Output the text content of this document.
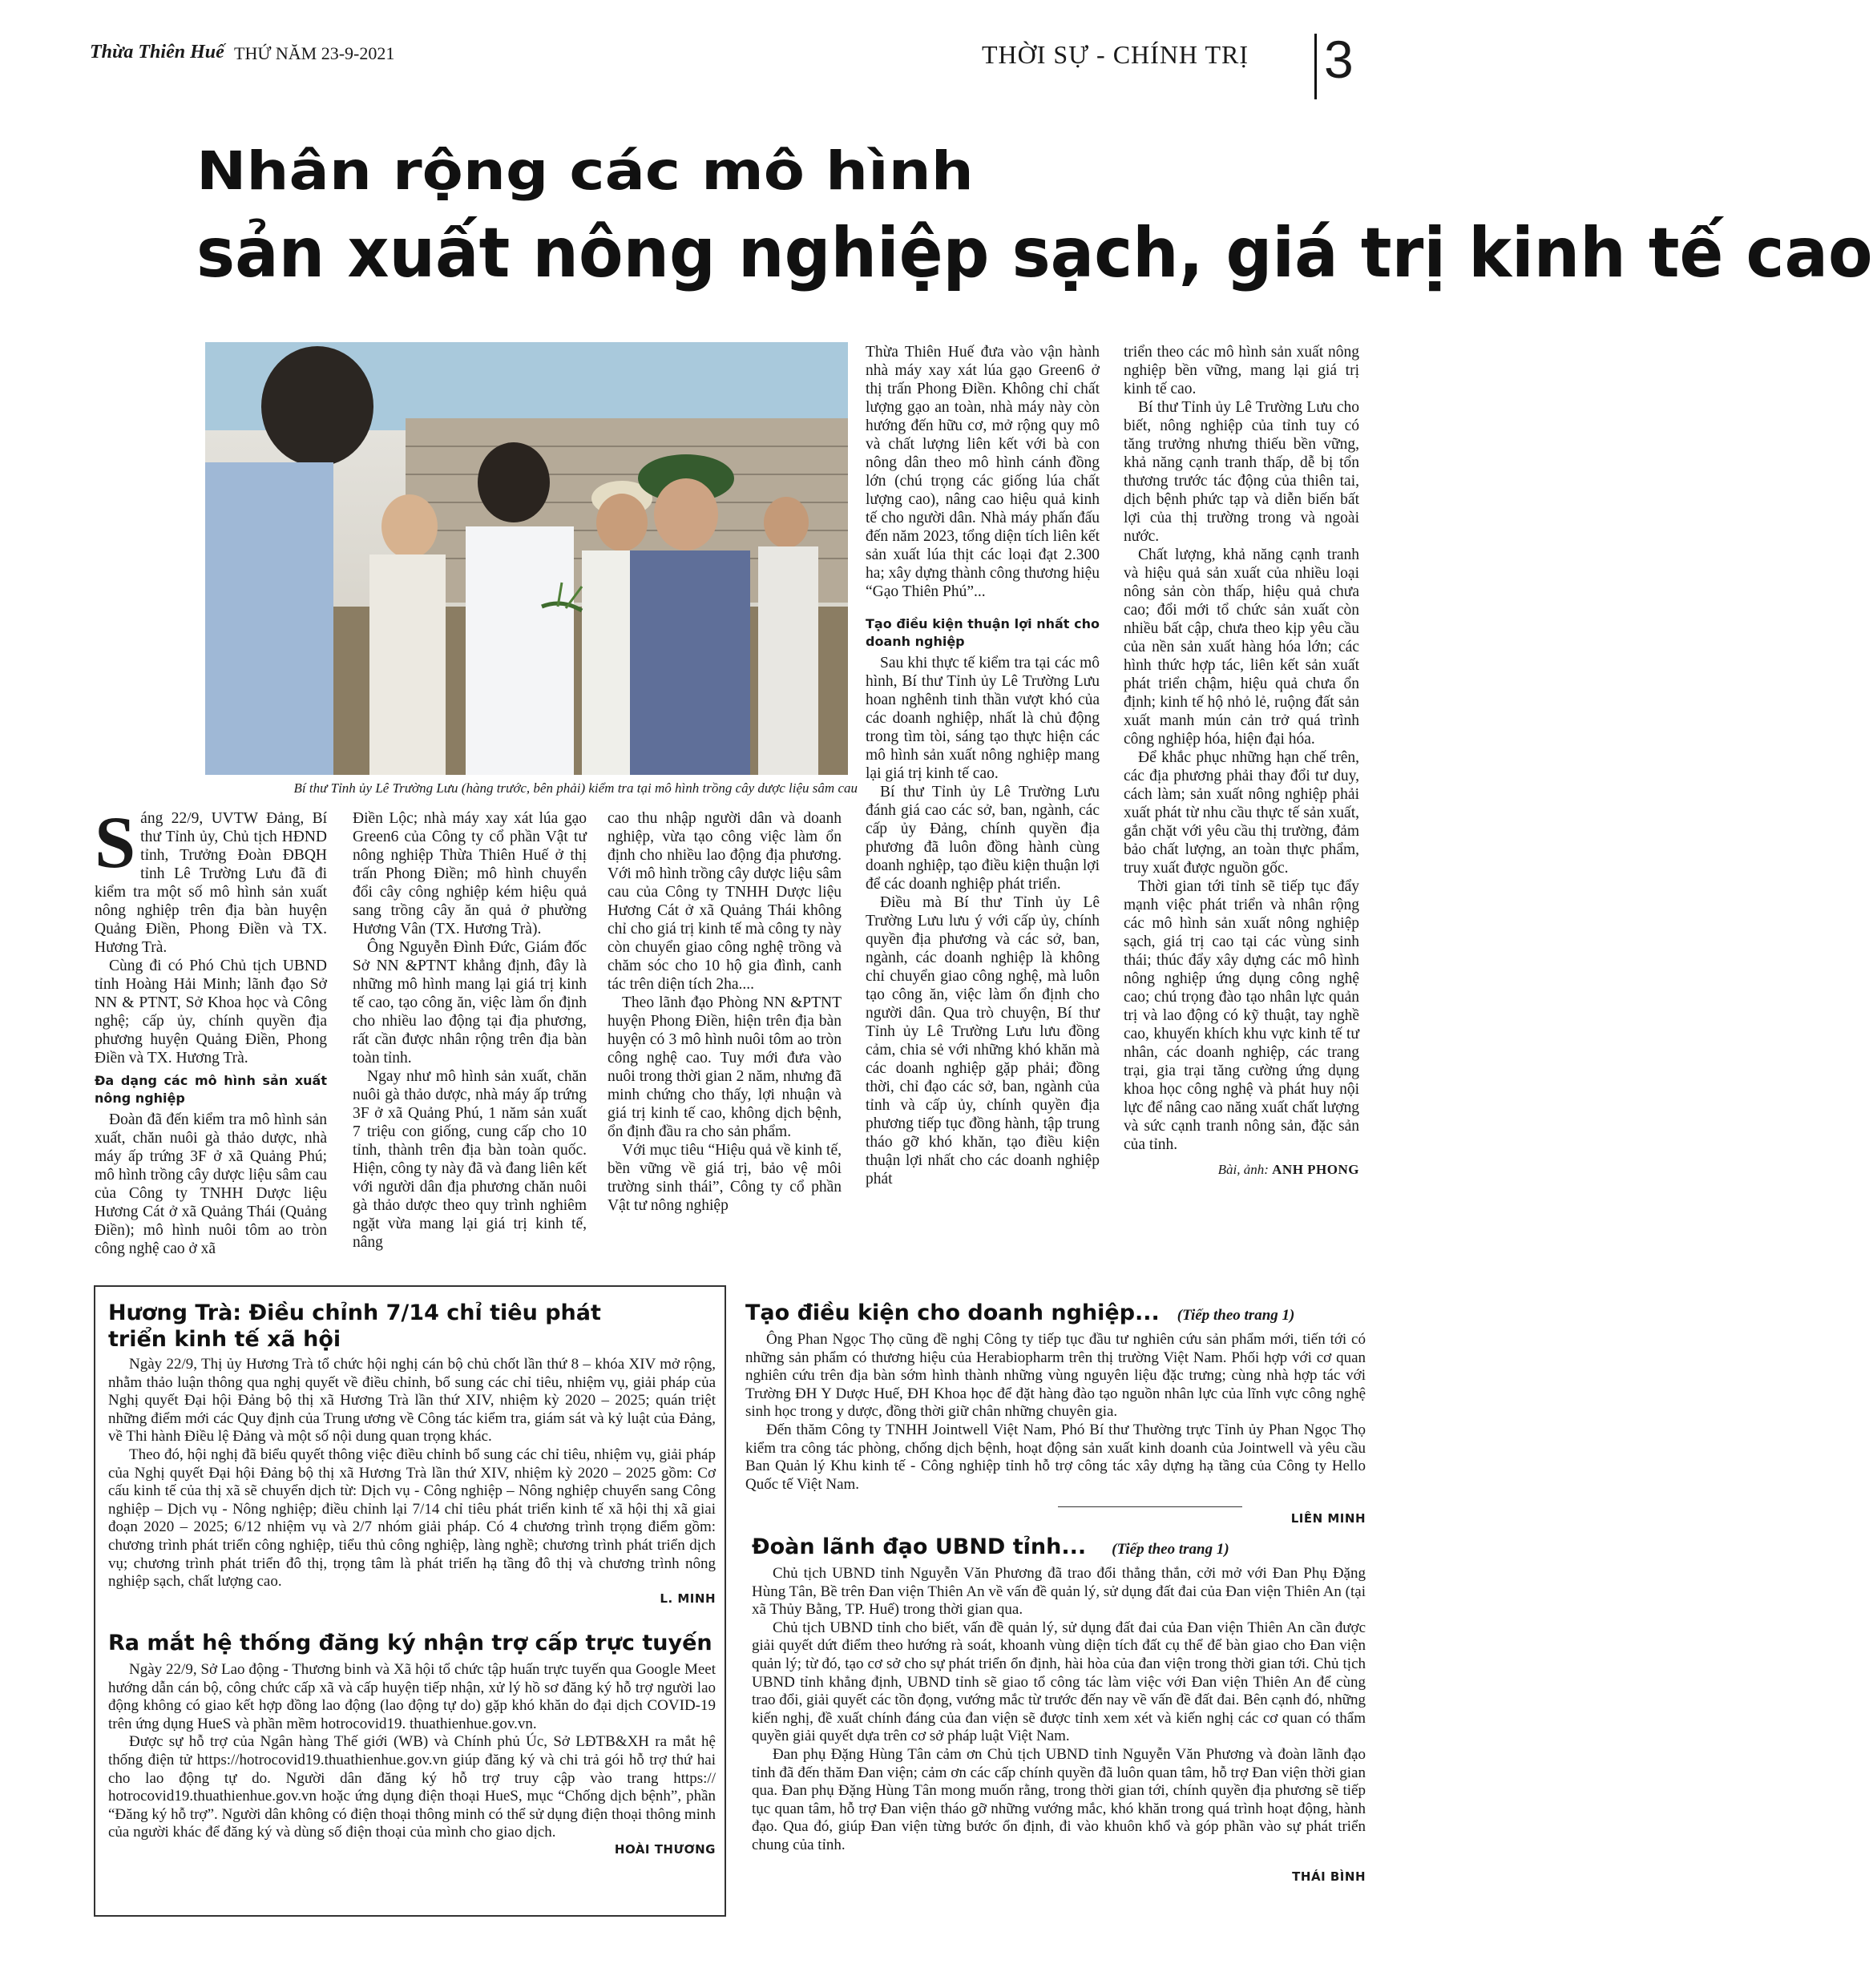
Thừa Thiên Huế THỨ NĂM 23-9-2021	THỜI SỰ - CHÍNH TRỊ 3
Nhân rộng các mô hình
sản xuất nông nghiệp sạch, giá trị kinh tế cao
Bí thư Tỉnh ủy Lê Trường Lưu (hàng trước, bên phải) kiểm tra tại mô hình trồng cây dược liệu sâm cau
S áng 22/9, UVTW Đảng, Bí thư Tỉnh ủy, Chủ tịch HĐND tỉnh, Trưởng Đoàn ĐBQH tỉnh Lê Trường Lưu đã đi kiểm tra một số mô hình sản xuất nông nghiệp trên địa bàn huyện Quảng Điền, Phong Điền và TX. Hương Trà.

Cùng đi có Phó Chủ tịch UBND tỉnh Hoàng Hải Minh; lãnh đạo Sở NN & PTNT, Sở Khoa học và Công nghệ; cấp ủy, chính quyền địa phương huyện Quảng Điền, Phong Điền và TX. Hương Trà.

Đa dạng các mô hình sản xuất nông nghiệp

Đoàn đã đến kiểm tra mô hình sản xuất, chăn nuôi gà thảo dược, nhà máy ấp trứng 3F ở xã Quảng Phú; mô hình trồng cây dược liệu sâm cau của Công ty TNHH Dược liệu Hương Cát ở xã Quảng Thái (Quảng Điền); mô hình nuôi tôm ao tròn công nghệ cao ở xã

Điền Lộc; nhà máy xay xát lúa gạo Green6 của Công ty cổ phần Vật tư nông nghiệp Thừa Thiên Huế ở thị trấn Phong Điền; mô hình chuyển đổi cây công nghiệp kém hiệu quả sang trồng cây ăn quả ở phường Hương Vân (TX. Hương Trà).

Ông Nguyễn Đình Đức, Giám đốc Sở NN &PTNT khẳng định, đây là những mô hình mang lại giá trị kinh tế cao, tạo công ăn, việc làm ổn định cho nhiều lao động tại địa phương, rất cần được nhân rộng trên địa bàn toàn tỉnh.

Ngay như mô hình sản xuất, chăn nuôi gà thảo dược, nhà máy ấp trứng 3F ở xã Quảng Phú, 1 năm sản xuất 7 triệu con giống, cung cấp cho 10 tỉnh, thành trên địa bàn toàn quốc. Hiện, công ty này đã và đang liên kết với người dân địa phương chăn nuôi gà thảo dược theo quy trình nghiêm ngặt vừa mang lại giá trị kinh tế, nâng

cao thu nhập người dân và doanh nghiệp, vừa tạo công việc làm ổn định cho nhiều lao động địa phương. Với mô hình trồng cây dược liệu sâm cau của Công ty TNHH Dược liệu Hương Cát ở xã Quảng Thái không chỉ cho giá trị kinh tế mà công ty này còn chuyển giao công nghệ trồng và chăm sóc cho 10 hộ gia đình, canh tác trên diện tích 2ha....

Theo lãnh đạo Phòng NN &PTNT huyện Phong Điền, hiện trên địa bàn huyện có 3 mô hình nuôi tôm ao tròn công nghệ cao. Tuy mới đưa vào nuôi trong thời gian 2 năm, nhưng đã minh chứng cho thấy, lợi nhuận và giá trị kinh tế cao, không dịch bệnh, ổn định đầu ra cho sản phẩm.

Với mục tiêu “Hiệu quả về kinh tế, bền vững về giá trị, bảo vệ môi trường sinh thái”, Công ty cổ phần Vật tư nông nghiệp

Thừa Thiên Huế đưa vào vận hành nhà máy xay xát lúa gạo Green6 ở thị trấn Phong Điền. Không chỉ chất lượng gạo an toàn, nhà máy này còn hướng đến hữu cơ, mở rộng quy mô và chất lượng liên kết với bà con nông dân theo mô hình cánh đồng lớn (chú trọng các giống lúa chất lượng cao), nâng cao hiệu quả kinh tế cho người dân. Nhà máy phấn đấu đến năm 2023, tổng diện tích liên kết sản xuất lúa thịt các loại đạt 2.300 ha; xây dựng thành công thương hiệu “Gạo Thiên Phú”...

Tạo điều kiện thuận lợi nhất cho doanh nghiệp

Sau khi thực tế kiểm tra tại các mô hình, Bí thư Tỉnh ủy Lê Trường Lưu hoan nghênh tinh thần vượt khó của các doanh nghiệp, nhất là chủ động trong tìm tòi, sáng tạo thực hiện các mô hình sản xuất nông nghiệp mang lại giá trị kinh tế cao.

Bí thư Tỉnh ủy Lê Trường Lưu đánh giá cao các sở, ban, ngành, các cấp ủy Đảng, chính quyền địa phương đã luôn đồng hành cùng doanh nghiệp, tạo điều kiện thuận lợi để các doanh nghiệp phát triển.

Điều mà Bí thư Tỉnh ủy Lê Trường Lưu lưu ý với cấp ủy, chính quyền địa phương và các sở, ban, ngành, các doanh nghiệp là không chỉ chuyển giao công nghệ, mà luôn tạo công ăn, việc làm ổn định cho người dân. Qua trò chuyện, Bí thư Tỉnh ủy Lê Trường Lưu lưu đồng cảm, chia sẻ với những khó khăn mà các doanh nghiệp gặp phải; đồng thời, chỉ đạo các sở, ban, ngành của tỉnh và cấp ủy, chính quyền địa phương tiếp tục đồng hành, tập trung tháo gỡ khó khăn, tạo điều kiện thuận lợi nhất cho các doanh nghiệp phát

triển theo các mô hình sản xuất nông nghiệp bền vững, mang lại giá trị kinh tế cao.

Bí thư Tỉnh ủy Lê Trường Lưu cho biết, nông nghiệp của tỉnh tuy có tăng trưởng nhưng thiếu bền vững, khả năng cạnh tranh thấp, dễ bị tổn thương trước tác động của thiên tai, dịch bệnh phức tạp và diễn biến bất lợi của thị trường trong và ngoài nước.

Chất lượng, khả năng cạnh tranh và hiệu quả sản xuất của nhiều loại nông sản còn thấp, hiệu quả chưa cao; đổi mới tổ chức sản xuất còn nhiều bất cập, chưa theo kịp yêu cầu của nền sản xuất hàng hóa lớn; các hình thức hợp tác, liên kết sản xuất phát triển chậm, hiệu quả chưa ổn định; kinh tế hộ nhỏ lẻ, ruộng đất sản xuất manh mún cản trở quá trình công nghiệp hóa, hiện đại hóa.

Để khắc phục những hạn chế trên, các địa phương phải thay đổi tư duy, cách làm; sản xuất nông nghiệp phải xuất phát từ nhu cầu thực tế sản xuất, gắn chặt với yêu cầu thị trường, đảm bảo chất lượng, an toàn thực phẩm, truy xuất được nguồn gốc.

Thời gian tới tỉnh sẽ tiếp tục đẩy mạnh việc phát triển và nhân rộng các mô hình sản xuất nông nghiệp sạch, giá trị cao tại các vùng sinh thái; thúc đẩy xây dựng các mô hình nông nghiệp ứng dụng công nghệ cao; chú trọng đào tạo nhân lực quản trị và lao động có kỹ thuật, tay nghề cao, khuyến khích khu vực kinh tế tư nhân, các doanh nghiệp, các trang trại, gia trại tăng cường ứng dụng khoa học công nghệ và phát huy nội lực để nâng cao năng xuất chất lượng và sức cạnh tranh nông sản, đặc sản của tỉnh.

Bài, ảnh: ANH PHONG
Hương Trà: Điều chỉnh 7/14 chỉ tiêu phát triển kinh tế xã hội

Ngày 22/9, Thị ủy Hương Trà tổ chức hội nghị cán bộ chủ chốt lần thứ 8 – khóa XIV mở rộng, nhằm thảo luận thông qua nghị quyết về điều chỉnh, bổ sung các chỉ tiêu, nhiệm vụ, giải pháp của Nghị quyết Đại hội Đảng bộ thị xã Hương Trà lần thứ XIV, nhiệm kỳ 2020 – 2025; quán triệt những điểm mới các Quy định của Trung ương về Công tác kiểm tra, giám sát và kỷ luật của Đảng, về Thi hành Điều lệ Đảng và một số nội dung quan trọng khác.

Theo đó, hội nghị đã biểu quyết thông việc điều chỉnh bổ sung các chỉ tiêu, nhiệm vụ, giải pháp của Nghị quyết Đại hội Đảng bộ thị xã Hương Trà lần thứ XIV, nhiệm kỳ 2020 – 2025 gồm: Cơ cấu kinh tế của thị xã sẽ chuyển dịch từ: Dịch vụ - Công nghiệp – Nông nghiệp chuyển sang Công nghiệp – Dịch vụ - Nông nghiệp; điều chỉnh lại 7/14 chỉ tiêu phát triển kinh tế xã hội thị xã giai đoạn 2020 – 2025; 6/12 nhiệm vụ và 2/7 nhóm giải pháp. Có 4 chương trình trọng điểm gồm: chương trình phát triển công nghiệp, tiểu thủ công nghiệp, làng nghề; chương trình phát triển dịch vụ; chương trình phát triển đô thị, trọng tâm là phát triển hạ tầng đô thị và chương trình nông nghiệp sạch, chất lượng cao.

L. MINH
Ra mắt hệ thống đăng ký nhận trợ cấp trực tuyến

Ngày 22/9, Sở Lao động - Thương binh và Xã hội tổ chức tập huấn trực tuyến qua Google Meet hướng dẫn cán bộ, công chức cấp xã và cấp huyện tiếp nhận, xử lý hồ sơ đăng ký hỗ trợ người lao động không có giao kết hợp đồng lao động (lao động tự do) gặp khó khăn do đại dịch COVID-19 trên ứng dụng HueS và phần mềm hotrocovid19. thuathienhue.gov.vn.

Được sự hỗ trợ của Ngân hàng Thế giới (WB) và Chính phủ Úc, Sở LĐTB&XH ra mắt hệ thống điện tử https://hotrocovid19.thuathienhue.gov.vn giúp đăng ký và chi trả gói hỗ trợ thứ hai cho lao động tự do. Người dân đăng ký hỗ trợ truy cập vào trang https:// hotrocovid19.thuathienhue.gov.vn hoặc ứng dụng điện thoại HueS, mục “Chống dịch bệnh”, phần “Đăng ký hỗ trợ”. Người dân không có điện thoại thông minh có thể sử dụng điện thoại thông minh của người khác để đăng ký và dùng số điện thoại của mình cho giao dịch.

HOÀI THƯƠNG
Tạo điều kiện cho doanh nghiệp... (Tiếp theo trang 1)

Ông Phan Ngọc Thọ cũng đề nghị Công ty tiếp tục đầu tư nghiên cứu sản phẩm mới, tiến tới có những sản phẩm có thương hiệu của Herabiopharm trên thị trường Việt Nam. Phối hợp với cơ quan nghiên cứu trên địa bàn sớm hình thành những vùng nguyên liệu đặc trưng; cùng nhà hợp tác với Trường ĐH Y Dược Huế, ĐH Khoa học để đặt hàng đào tạo nguồn nhân lực của lĩnh vực công nghệ sinh học trong y dược, đồng thời giữ chân những chuyên gia.

Đến thăm Công ty TNHH Jointwell Việt Nam, Phó Bí thư Thường trực Tỉnh ủy Phan Ngọc Thọ kiểm tra công tác phòng, chống dịch bệnh, hoạt động sản xuất kinh doanh của Jointwell và yêu cầu Ban Quản lý Khu kinh tế - Công nghiệp tỉnh hỗ trợ công tác xây dựng hạ tầng của Công ty Hello Quốc tế Việt Nam.

LIÊN MINH
Đoàn lãnh đạo UBND tỉnh... (Tiếp theo trang 1)

Chủ tịch UBND tỉnh Nguyễn Văn Phương đã trao đổi thẳng thắn, cởi mở với Đan Phụ Đặng Hùng Tân, Bề trên Đan viện Thiên An về vấn đề quản lý, sử dụng đất đai của Đan viện Thiên An (tại xã Thủy Bằng, TP. Huế) trong thời gian qua.

Chủ tịch UBND tỉnh cho biết, vấn đề quản lý, sử dụng đất đai của Đan viện Thiên An cần được giải quyết dứt điểm theo hướng rà soát, khoanh vùng diện tích đất cụ thể để bàn giao cho Đan viện quản lý; từ đó, tạo cơ sở cho sự phát triển ổn định, hài hòa của đan viện trong thời gian tới. Chủ tịch UBND tỉnh khẳng định, UBND tỉnh sẽ giao tổ công tác làm việc với Đan viện Thiên An để cùng trao đổi, giải quyết các tồn đọng, vướng mắc từ trước đến nay về vấn đề đất đai. Bên cạnh đó, những kiến nghị, đề xuất chính đáng của đan viện sẽ được tỉnh xem xét và kiến nghị các cơ quan có thẩm quyền giải quyết dựa trên cơ sở pháp luật Việt Nam.

Đan phụ Đặng Hùng Tân cảm ơn Chủ tịch UBND tỉnh Nguyễn Văn Phương và đoàn lãnh đạo tỉnh đã đến thăm Đan viện; cảm ơn các cấp chính quyền đã luôn quan tâm, hỗ trợ Đan viện thời gian qua. Đan phụ Đặng Hùng Tân mong muốn rằng, trong thời gian tới, chính quyền địa phương sẽ tiếp tục quan tâm, hỗ trợ Đan viện tháo gỡ những vướng mắc, khó khăn trong quá trình hoạt động, hành đạo. Qua đó, giúp Đan viện từng bước ổn định, đi vào khuôn khổ và góp phần vào sự phát triển chung của tỉnh.

THÁI BÌNH
